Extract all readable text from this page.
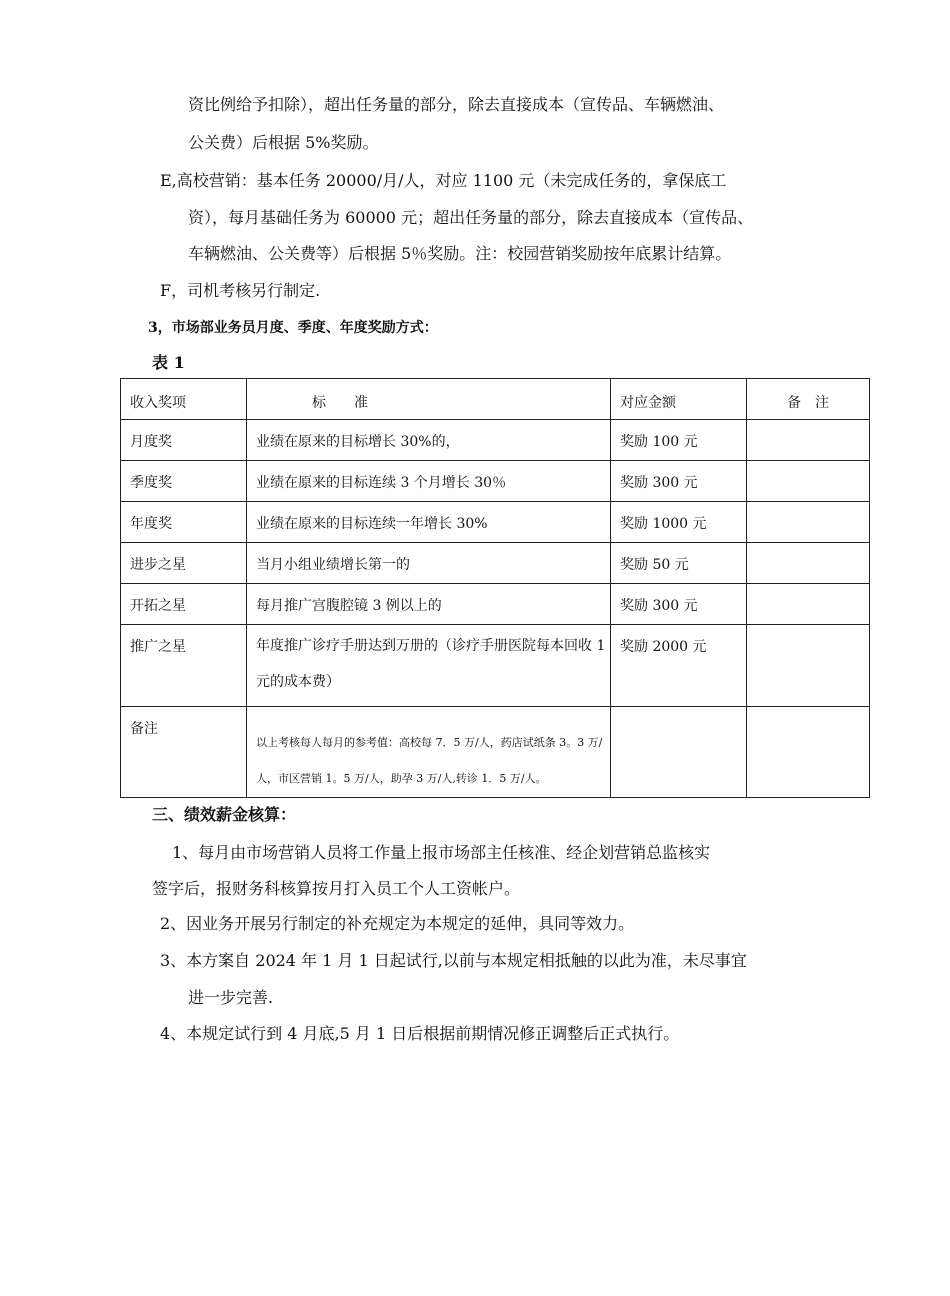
资比例给予扣除），超出任务量的部分，除去直接成本（宣传品、车辆燃油、
公关费）后根据 5%奖励。
E,高校营销：基本任务 20000/月/人，对应 1100 元（未完成任务的，拿保底工
资），每月基础任务为 60000 元；超出任务量的部分，除去直接成本（宣传品、
车辆燃油、公关费等）后根据 5％奖励。注：校园营销奖励按年底累计结算。
F，司机考核另行制定.
3，市场部业务员月度、季度、年度奖励方式：
表 1
收入奖项	标　　准	对应金额	备　注
月度奖	业绩在原来的目标增长 30%的，	奖励 100 元	
季度奖	业绩在原来的目标连续 3 个月增长 30％	奖励 300 元	
年度奖	业绩在原来的目标连续一年增长 30%	奖励 1000 元	
进步之星	当月小组业绩增长第一的	奖励 50 元	
开拓之星	每月推广宫腹腔镜 3 例以上的	奖励 300 元	
推广之星	年度推广诊疗手册达到万册的（诊疗手册医院每本回收 1 元的成本费）	奖励 2000 元	
备注	以上考核每人每月的参考值：高校每 7．5 万/人，药店试纸条 3。3 万/人，市区营销 1。5 万/人，助孕 3 万/人,转诊 1．5 万/人。		
三、绩效薪金核算：
1、每月由市场营销人员将工作量上报市场部主任核准、经企划营销总监核实
签字后，报财务科核算按月打入员工个人工资帐户。
2、因业务开展另行制定的补充规定为本规定的延伸，具同等效力。
3、本方案自 2024 年 1 月 1 日起试行,以前与本规定相抵触的以此为准，未尽事宜
进一步完善.
4、本规定试行到 4 月底,5 月 1 日后根据前期情况修正调整后正式执行。
